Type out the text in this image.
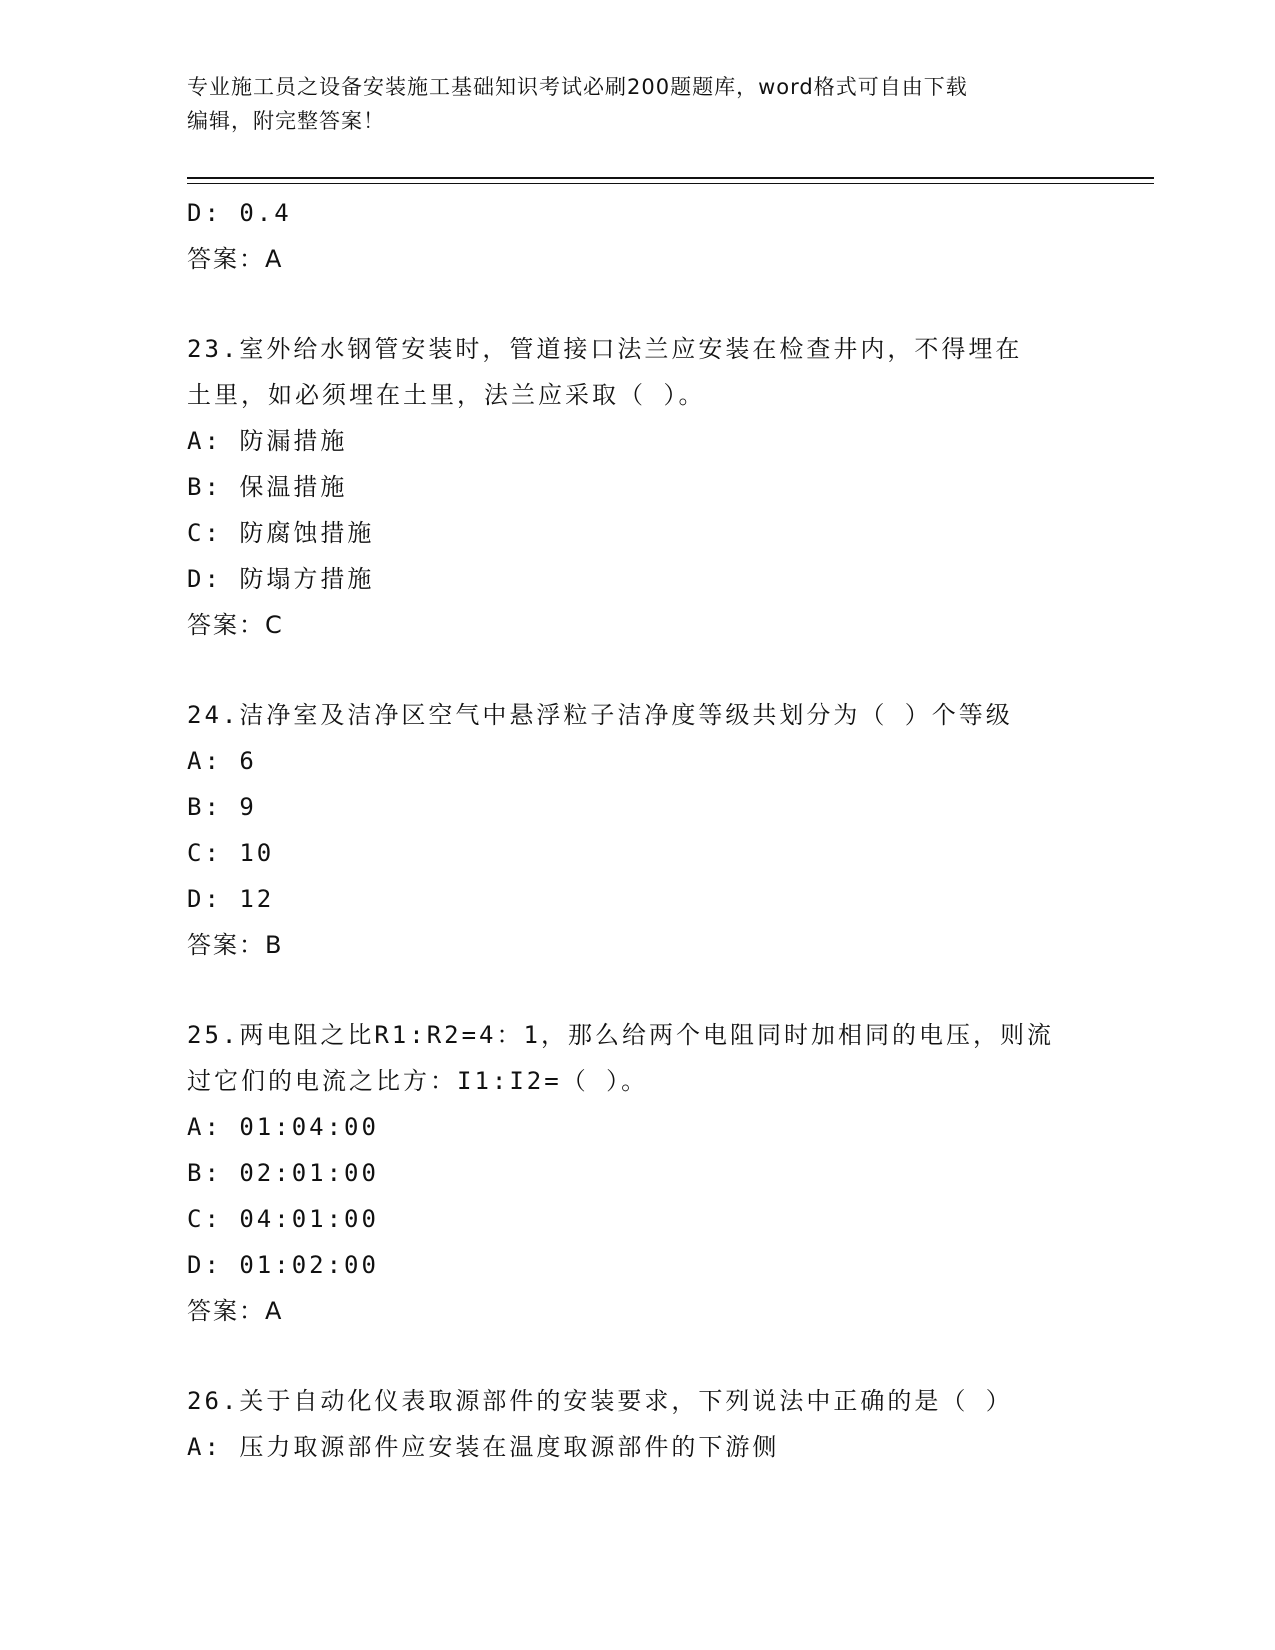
专业施工员之设备安装施工基础知识考试必刷200题题库，word格式可自由下载
编辑，附完整答案！
D: 0.4
答案：A
23.室外给水钢管安装时，管道接口法兰应安装在检查井内，不得埋在
土里，如必须埋在土里，法兰应采取（ ）。
A: 防漏措施
B: 保温措施
C: 防腐蚀措施
D: 防塌方措施
答案：C
24.洁净室及洁净区空气中悬浮粒子洁净度等级共划分为（ ）个等级
A: 6
B: 9
C: 10
D: 12
答案：B
25.两电阻之比R1:R2=4：1，那么给两个电阻同时加相同的电压，则流
过它们的电流之比方：I1:I2=（ ）。
A: 01:04:00
B: 02:01:00
C: 04:01:00
D: 01:02:00
答案：A
26.关于自动化仪表取源部件的安装要求，下列说法中正确的是（ ）
A: 压力取源部件应安装在温度取源部件的下游侧
